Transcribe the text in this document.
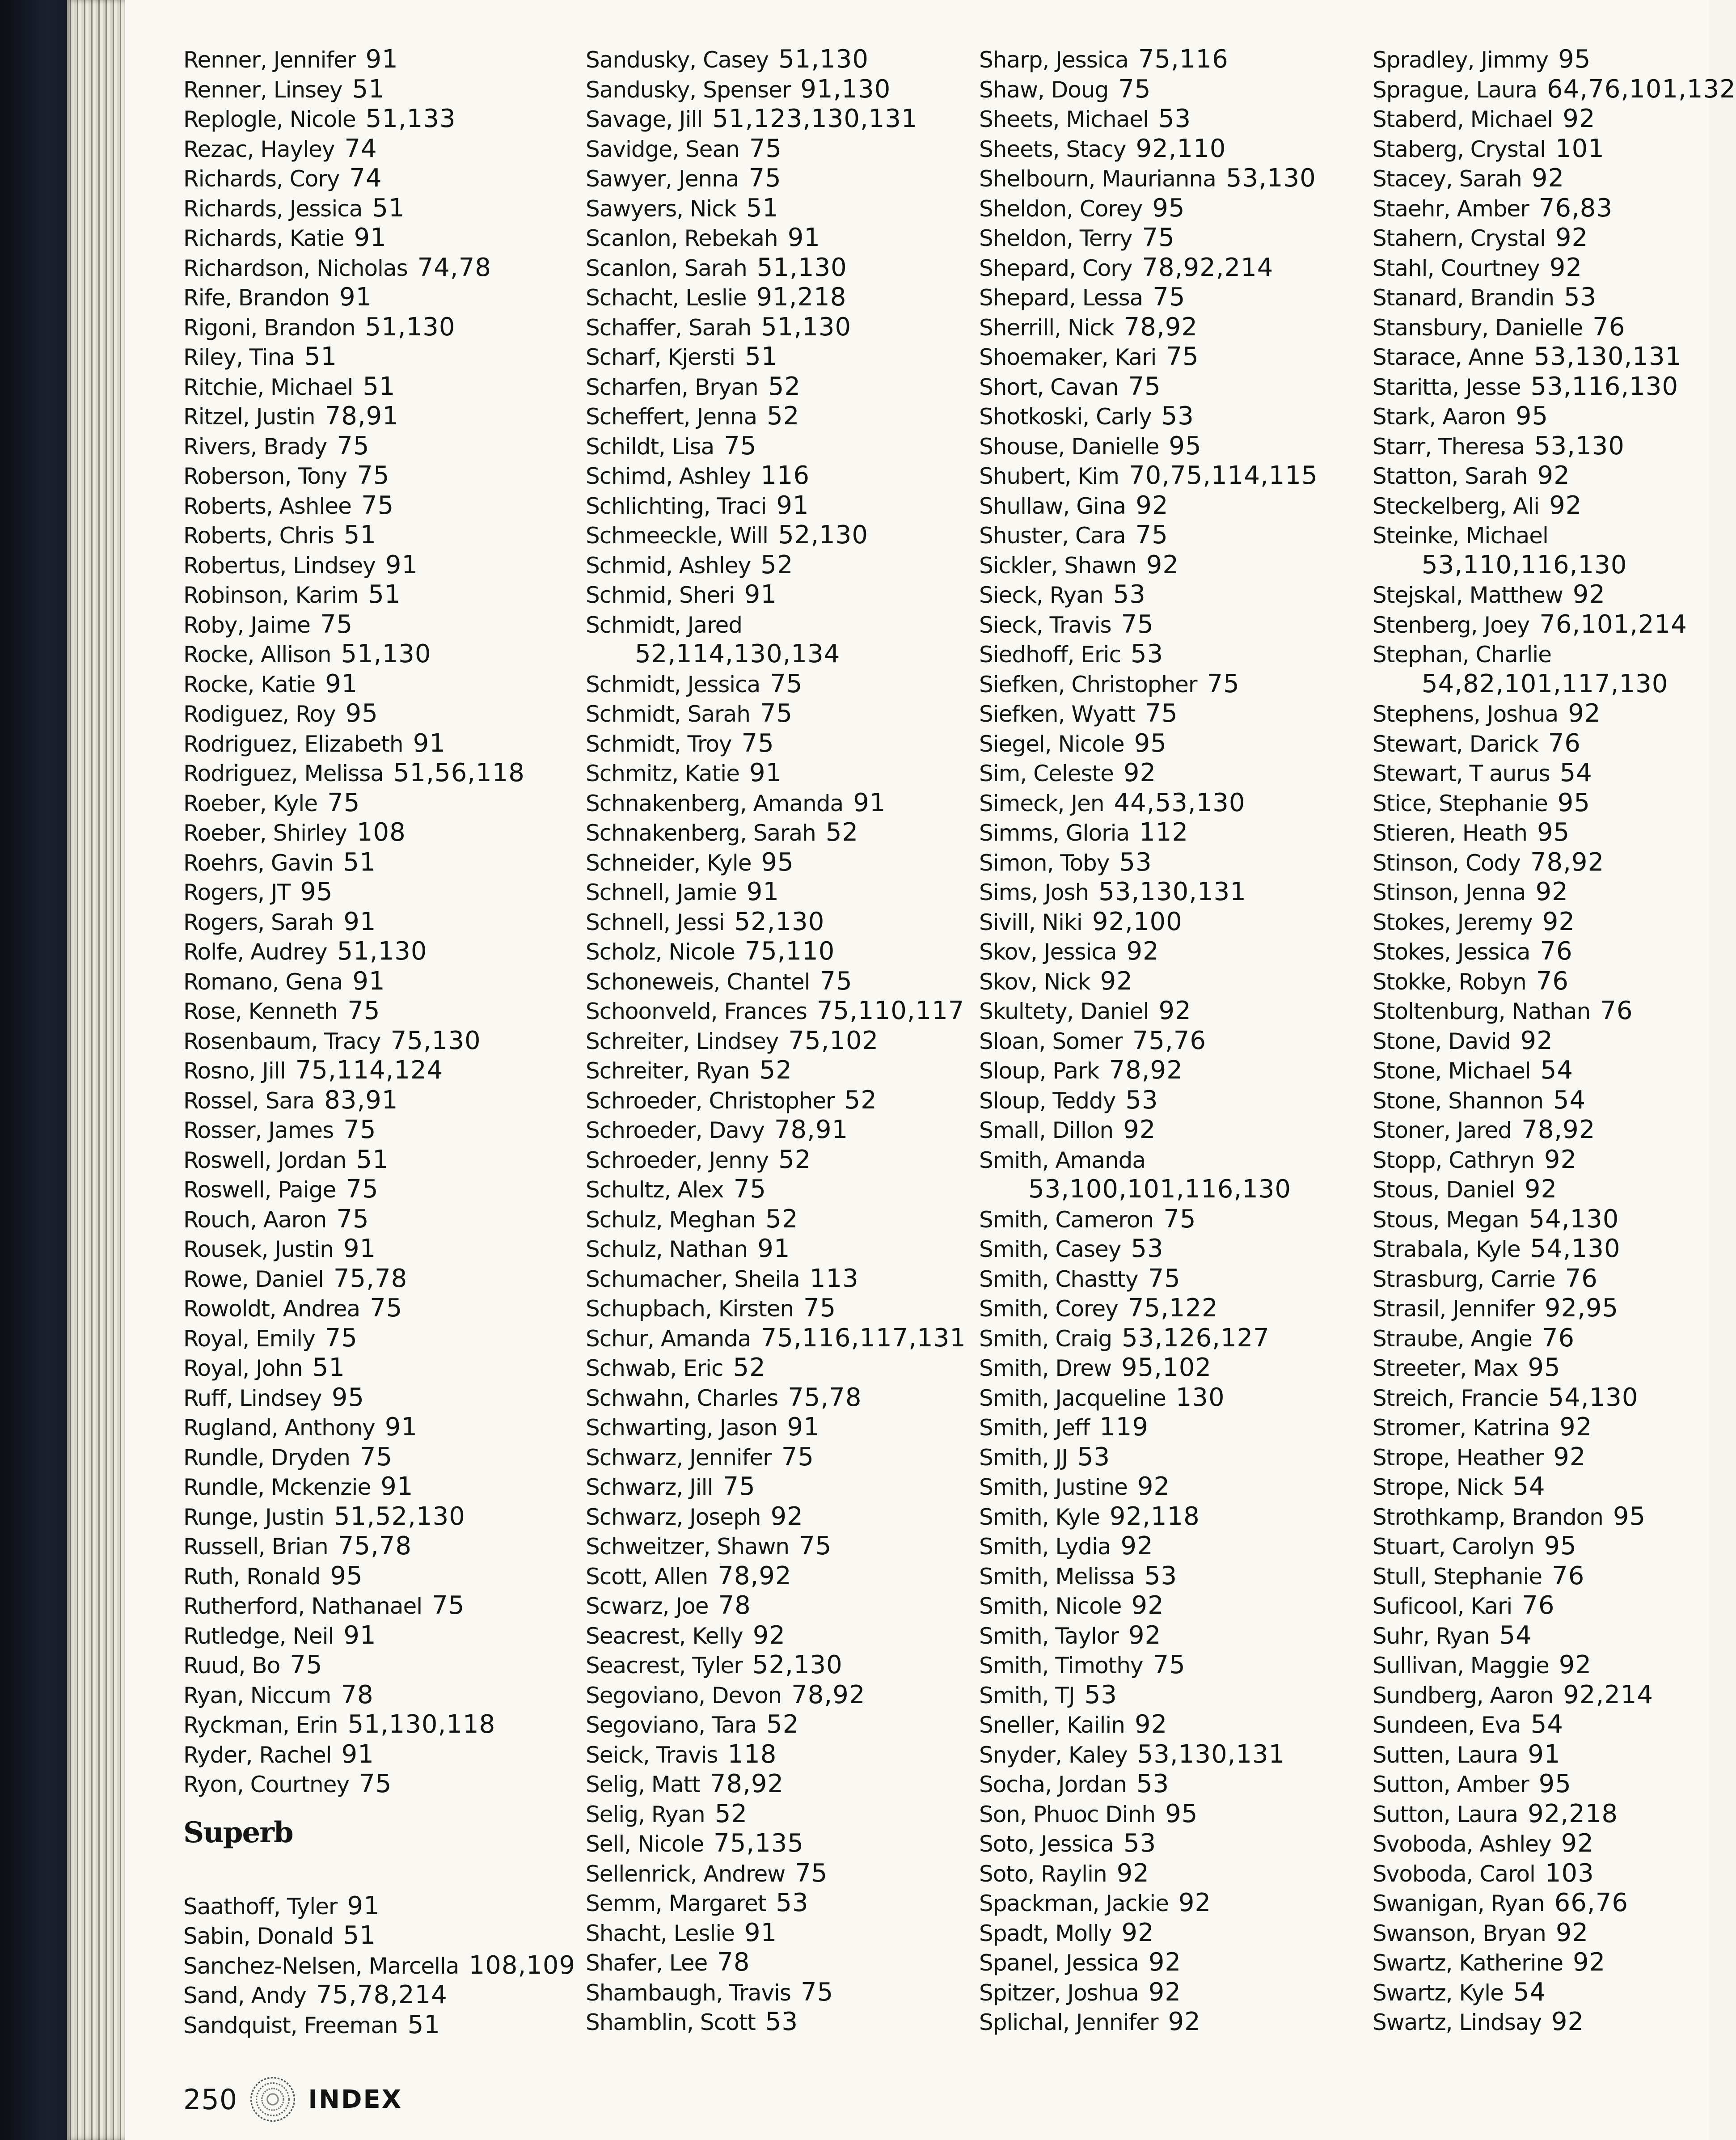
Renner, Jennifer 91
Renner, Linsey 51
Replogle, Nicole 51,133
Rezac, Hayley 74
Richards, Cory 74
Richards, Jessica 51
Richards, Katie 91
Richardson, Nicholas 74,78
Rife, Brandon 91
Rigoni, Brandon 51,130
Riley, Tina 51
Ritchie, Michael 51
Ritzel, Justin 78,91
Rivers, Brady 75
Roberson, Tony 75
Roberts, Ashlee 75
Roberts, Chris 51
Robertus, Lindsey 91
Robinson, Karim 51
Roby, Jaime 75
Rocke, Allison 51,130
Rocke, Katie 91
Rodiguez, Roy 95
Rodriguez, Elizabeth 91
Rodriguez, Melissa 51,56,118
Roeber, Kyle 75
Roeber, Shirley 108
Roehrs, Gavin 51
Rogers, JT 95
Rogers, Sarah 91
Rolfe, Audrey 51,130
Romano, Gena 91
Rose, Kenneth 75
Rosenbaum, Tracy 75,130
Rosno, Jill 75,114,124
Rossel, Sara 83,91
Rosser, James 75
Roswell, Jordan 51
Roswell, Paige 75
Rouch, Aaron 75
Rousek, Justin 91
Rowe, Daniel 75,78
Rowoldt, Andrea 75
Royal, Emily 75
Royal, John 51
Ruff, Lindsey 95
Rugland, Anthony 91
Rundle, Dryden 75
Rundle, Mckenzie 91
Runge, Justin 51,52,130
Russell, Brian 75,78
Ruth, Ronald 95
Rutherford, Nathanael 75
Rutledge, Neil 91
Ruud, Bo 75
Ryan, Niccum 78
Ryckman, Erin 51,130,118
Ryder, Rachel 91
Ryon, Courtney 75
Superb
Saathoff, Tyler 91
Sabin, Donald 51
Sanchez-Nelsen, Marcella 108,109
Sand, Andy 75,78,214
Sandquist, Freeman 51
Sandusky, Casey 51,130
Sandusky, Spenser 91,130
Savage, Jill 51,123,130,131
Savidge, Sean 75
Sawyer, Jenna 75
Sawyers, Nick 51
Scanlon, Rebekah 91
Scanlon, Sarah 51,130
Schacht, Leslie 91,218
Schaffer, Sarah 51,130
Scharf, Kjersti 51
Scharfen, Bryan 52
Scheffert, Jenna 52
Schildt, Lisa 75
Schimd, Ashley 116
Schlichting, Traci 91
Schmeeckle, Will 52,130
Schmid, Ashley 52
Schmid, Sheri 91
Schmidt, Jared
52,114,130,134
Schmidt, Jessica 75
Schmidt, Sarah 75
Schmidt, Troy 75
Schmitz, Katie 91
Schnakenberg, Amanda 91
Schnakenberg, Sarah 52
Schneider, Kyle 95
Schnell, Jamie 91
Schnell, Jessi 52,130
Scholz, Nicole 75,110
Schoneweis, Chantel 75
Schoonveld, Frances 75,110,117
Schreiter, Lindsey 75,102
Schreiter, Ryan 52
Schroeder, Christopher 52
Schroeder, Davy 78,91
Schroeder, Jenny 52
Schultz, Alex 75
Schulz, Meghan 52
Schulz, Nathan 91
Schumacher, Sheila 113
Schupbach, Kirsten 75
Schur, Amanda 75,116,117,131
Schwab, Eric 52
Schwahn, Charles 75,78
Schwarting, Jason 91
Schwarz, Jennifer 75
Schwarz, Jill 75
Schwarz, Joseph 92
Schweitzer, Shawn 75
Scott, Allen 78,92
Scwarz, Joe 78
Seacrest, Kelly 92
Seacrest, Tyler 52,130
Segoviano, Devon 78,92
Segoviano, Tara 52
Seick, Travis 118
Selig, Matt 78,92
Selig, Ryan 52
Sell, Nicole 75,135
Sellenrick, Andrew 75
Semm, Margaret 53
Shacht, Leslie 91
Shafer, Lee 78
Shambaugh, Travis 75
Shamblin, Scott 53
Sharp, Jessica 75,116
Shaw, Doug 75
Sheets, Michael 53
Sheets, Stacy 92,110
Shelbourn, Maurianna 53,130
Sheldon, Corey 95
Sheldon, Terry 75
Shepard, Cory 78,92,214
Shepard, Lessa 75
Sherrill, Nick 78,92
Shoemaker, Kari 75
Short, Cavan 75
Shotkoski, Carly 53
Shouse, Danielle 95
Shubert, Kim 70,75,114,115
Shullaw, Gina 92
Shuster, Cara 75
Sickler, Shawn 92
Sieck, Ryan 53
Sieck, Travis 75
Siedhoff, Eric 53
Siefken, Christopher 75
Siefken, Wyatt 75
Siegel, Nicole 95
Sim, Celeste 92
Simeck, Jen 44,53,130
Simms, Gloria 112
Simon, Toby 53
Sims, Josh 53,130,131
Sivill, Niki 92,100
Skov, Jessica 92
Skov, Nick 92
Skultety, Daniel 92
Sloan, Somer 75,76
Sloup, Park 78,92
Sloup, Teddy 53
Small, Dillon 92
Smith, Amanda
53,100,101,116,130
Smith, Cameron 75
Smith, Casey 53
Smith, Chastty 75
Smith, Corey 75,122
Smith, Craig 53,126,127
Smith, Drew 95,102
Smith, Jacqueline 130
Smith, Jeff 119
Smith, JJ 53
Smith, Justine 92
Smith, Kyle 92,118
Smith, Lydia 92
Smith, Melissa 53
Smith, Nicole 92
Smith, Taylor 92
Smith, Timothy 75
Smith, TJ 53
Sneller, Kailin 92
Snyder, Kaley 53,130,131
Socha, Jordan 53
Son, Phuoc Dinh 95
Soto, Jessica 53
Soto, Raylin 92
Spackman, Jackie 92
Spadt, Molly 92
Spanel, Jessica 92
Spitzer, Joshua 92
Splichal, Jennifer 92
Spradley, Jimmy 95
Sprague, Laura 64,76,101,132
Staberd, Michael 92
Staberg, Crystal 101
Stacey, Sarah 92
Staehr, Amber 76,83
Stahern, Crystal 92
Stahl, Courtney 92
Stanard, Brandin 53
Stansbury, Danielle 76
Starace, Anne 53,130,131
Staritta, Jesse 53,116,130
Stark, Aaron 95
Starr, Theresa 53,130
Statton, Sarah 92
Steckelberg, Ali 92
Steinke, Michael
53,110,116,130
Stejskal, Matthew 92
Stenberg, Joey 76,101,214
Stephan, Charlie
54,82,101,117,130
Stephens, Joshua 92
Stewart, Darick 76
Stewart, T aurus 54
Stice, Stephanie 95
Stieren, Heath 95
Stinson, Cody 78,92
Stinson, Jenna 92
Stokes, Jeremy 92
Stokes, Jessica 76
Stokke, Robyn 76
Stoltenburg, Nathan 76
Stone, David 92
Stone, Michael 54
Stone, Shannon 54
Stoner, Jared 78,92
Stopp, Cathryn 92
Stous, Daniel 92
Stous, Megan 54,130
Strabala, Kyle 54,130
Strasburg, Carrie 76
Strasil, Jennifer 92,95
Straube, Angie 76
Streeter, Max 95
Streich, Francie 54,130
Stromer, Katrina 92
Strope, Heather 92
Strope, Nick 54
Strothkamp, Brandon 95
Stuart, Carolyn 95
Stull, Stephanie 76
Suficool, Kari 76
Suhr, Ryan 54
Sullivan, Maggie 92
Sundberg, Aaron 92,214
Sundeen, Eva 54
Sutten, Laura 91
Sutton, Amber 95
Sutton, Laura 92,218
Svoboda, Ashley 92
Svoboda, Carol 103
Swanigan, Ryan 66,76
Swanson, Bryan 92
Swartz, Katherine 92
Swartz, Kyle 54
Swartz, Lindsay 92
250	INDEX
